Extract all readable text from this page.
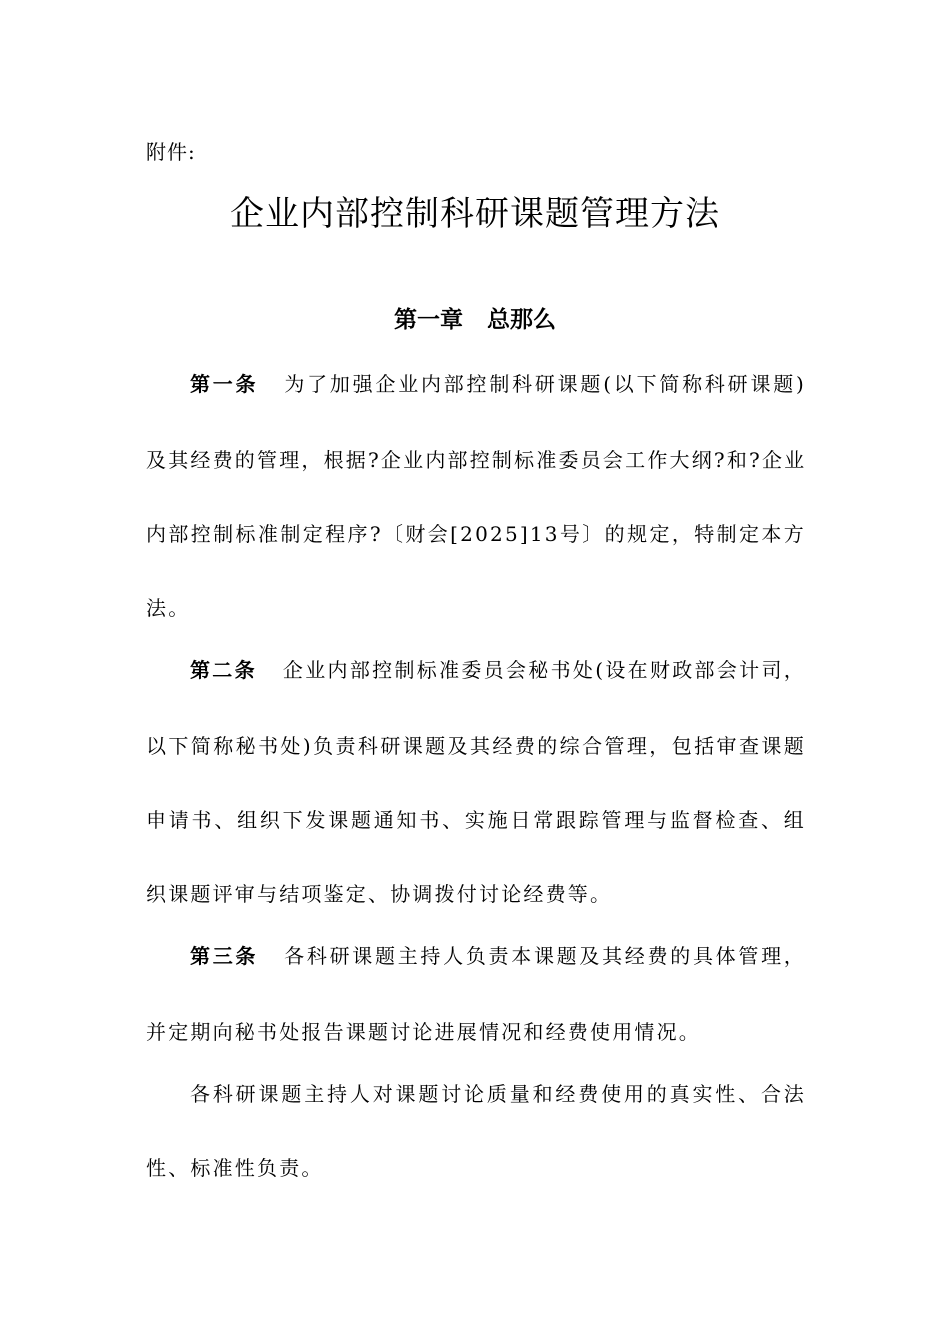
附件:
企业内部控制科研课题管理方法
第一章 总那么
第一条 为了加强企业内部控制科研课题(以下简称科研课题)
及其经费的管理，根据?企业内部控制标准委员会工作大纲?和?企业
内部控制标准制定程序?〔财会[2025]13号〕的规定，特制定本方
法。
第二条 企业内部控制标准委员会秘书处(设在财政部会计司，
以下简称秘书处)负责科研课题及其经费的综合管理，包括审查课题
申请书、组织下发课题通知书、实施日常跟踪管理与监督检查、组
织课题评审与结项鉴定、协调拨付讨论经费等。
第三条 各科研课题主持人负责本课题及其经费的具体管理，
并定期向秘书处报告课题讨论进展情况和经费使用情况。
各科研课题主持人对课题讨论质量和经费使用的真实性、合法
性、标准性负责。
